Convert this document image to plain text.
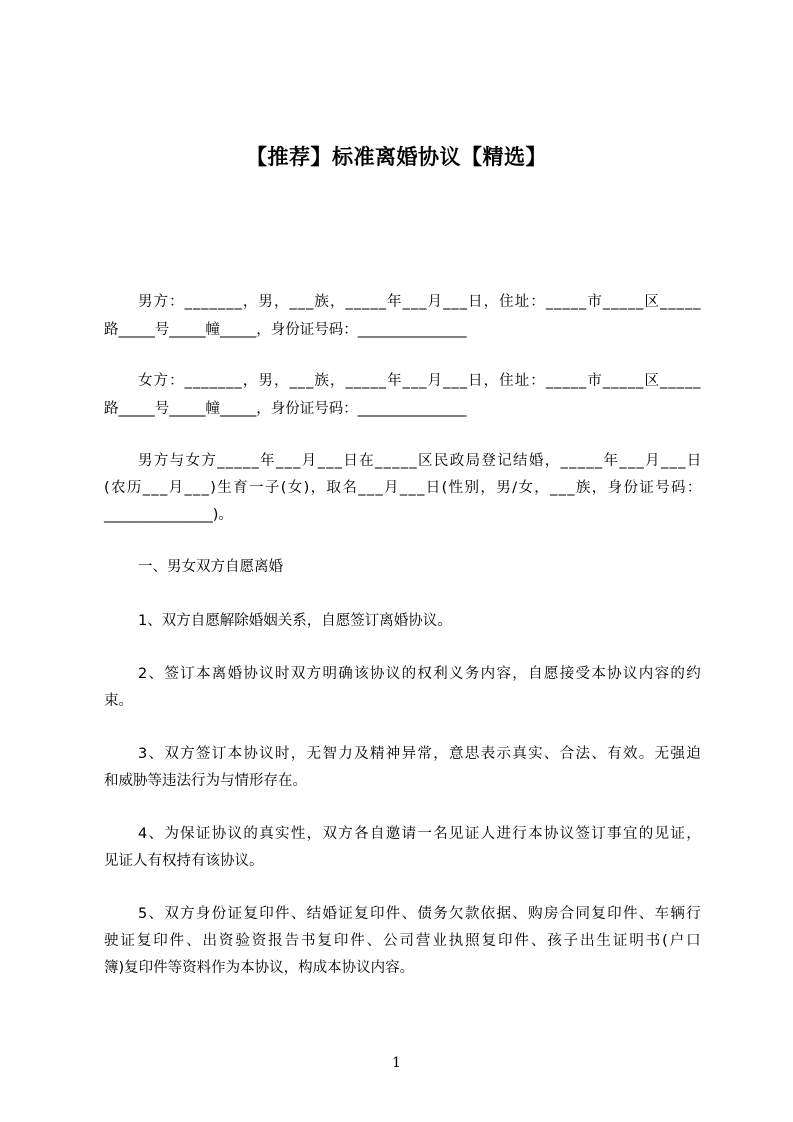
【推荐】标准离婚协议【精选】
男方：_______，男，___族，_____年___月___日，住址：_____市_____区_____
路_____号_____幢_____，身份证号码：_______________
女方：_______，男，___族，_____年___月___日，住址：_____市_____区_____
路_____号_____幢_____，身份证号码：_______________
男方与女方_____年___月___日在_____区民政局登记结婚，_____年___月___日
(农历___月___)生育一子(女)，取名___月___日(性别，男/女，___族，身份证号码：
_______________)。
一、男女双方自愿离婚
1、双方自愿解除婚姻关系，自愿签订离婚协议。
2、签订本离婚协议时双方明确该协议的权利义务内容，自愿接受本协议内容的约
束。
3、双方签订本协议时，无智力及精神异常，意思表示真实、合法、有效。无强迫
和威胁等违法行为与情形存在。
4、为保证协议的真实性，双方各自邀请一名见证人进行本协议签订事宜的见证，
见证人有权持有该协议。
5、双方身份证复印件、结婚证复印件、债务欠款依据、购房合同复印件、车辆行
驶证复印件、出资验资报告书复印件、公司营业执照复印件、孩子出生证明书(户口
簿)复印件等资料作为本协议，构成本协议内容。
1
